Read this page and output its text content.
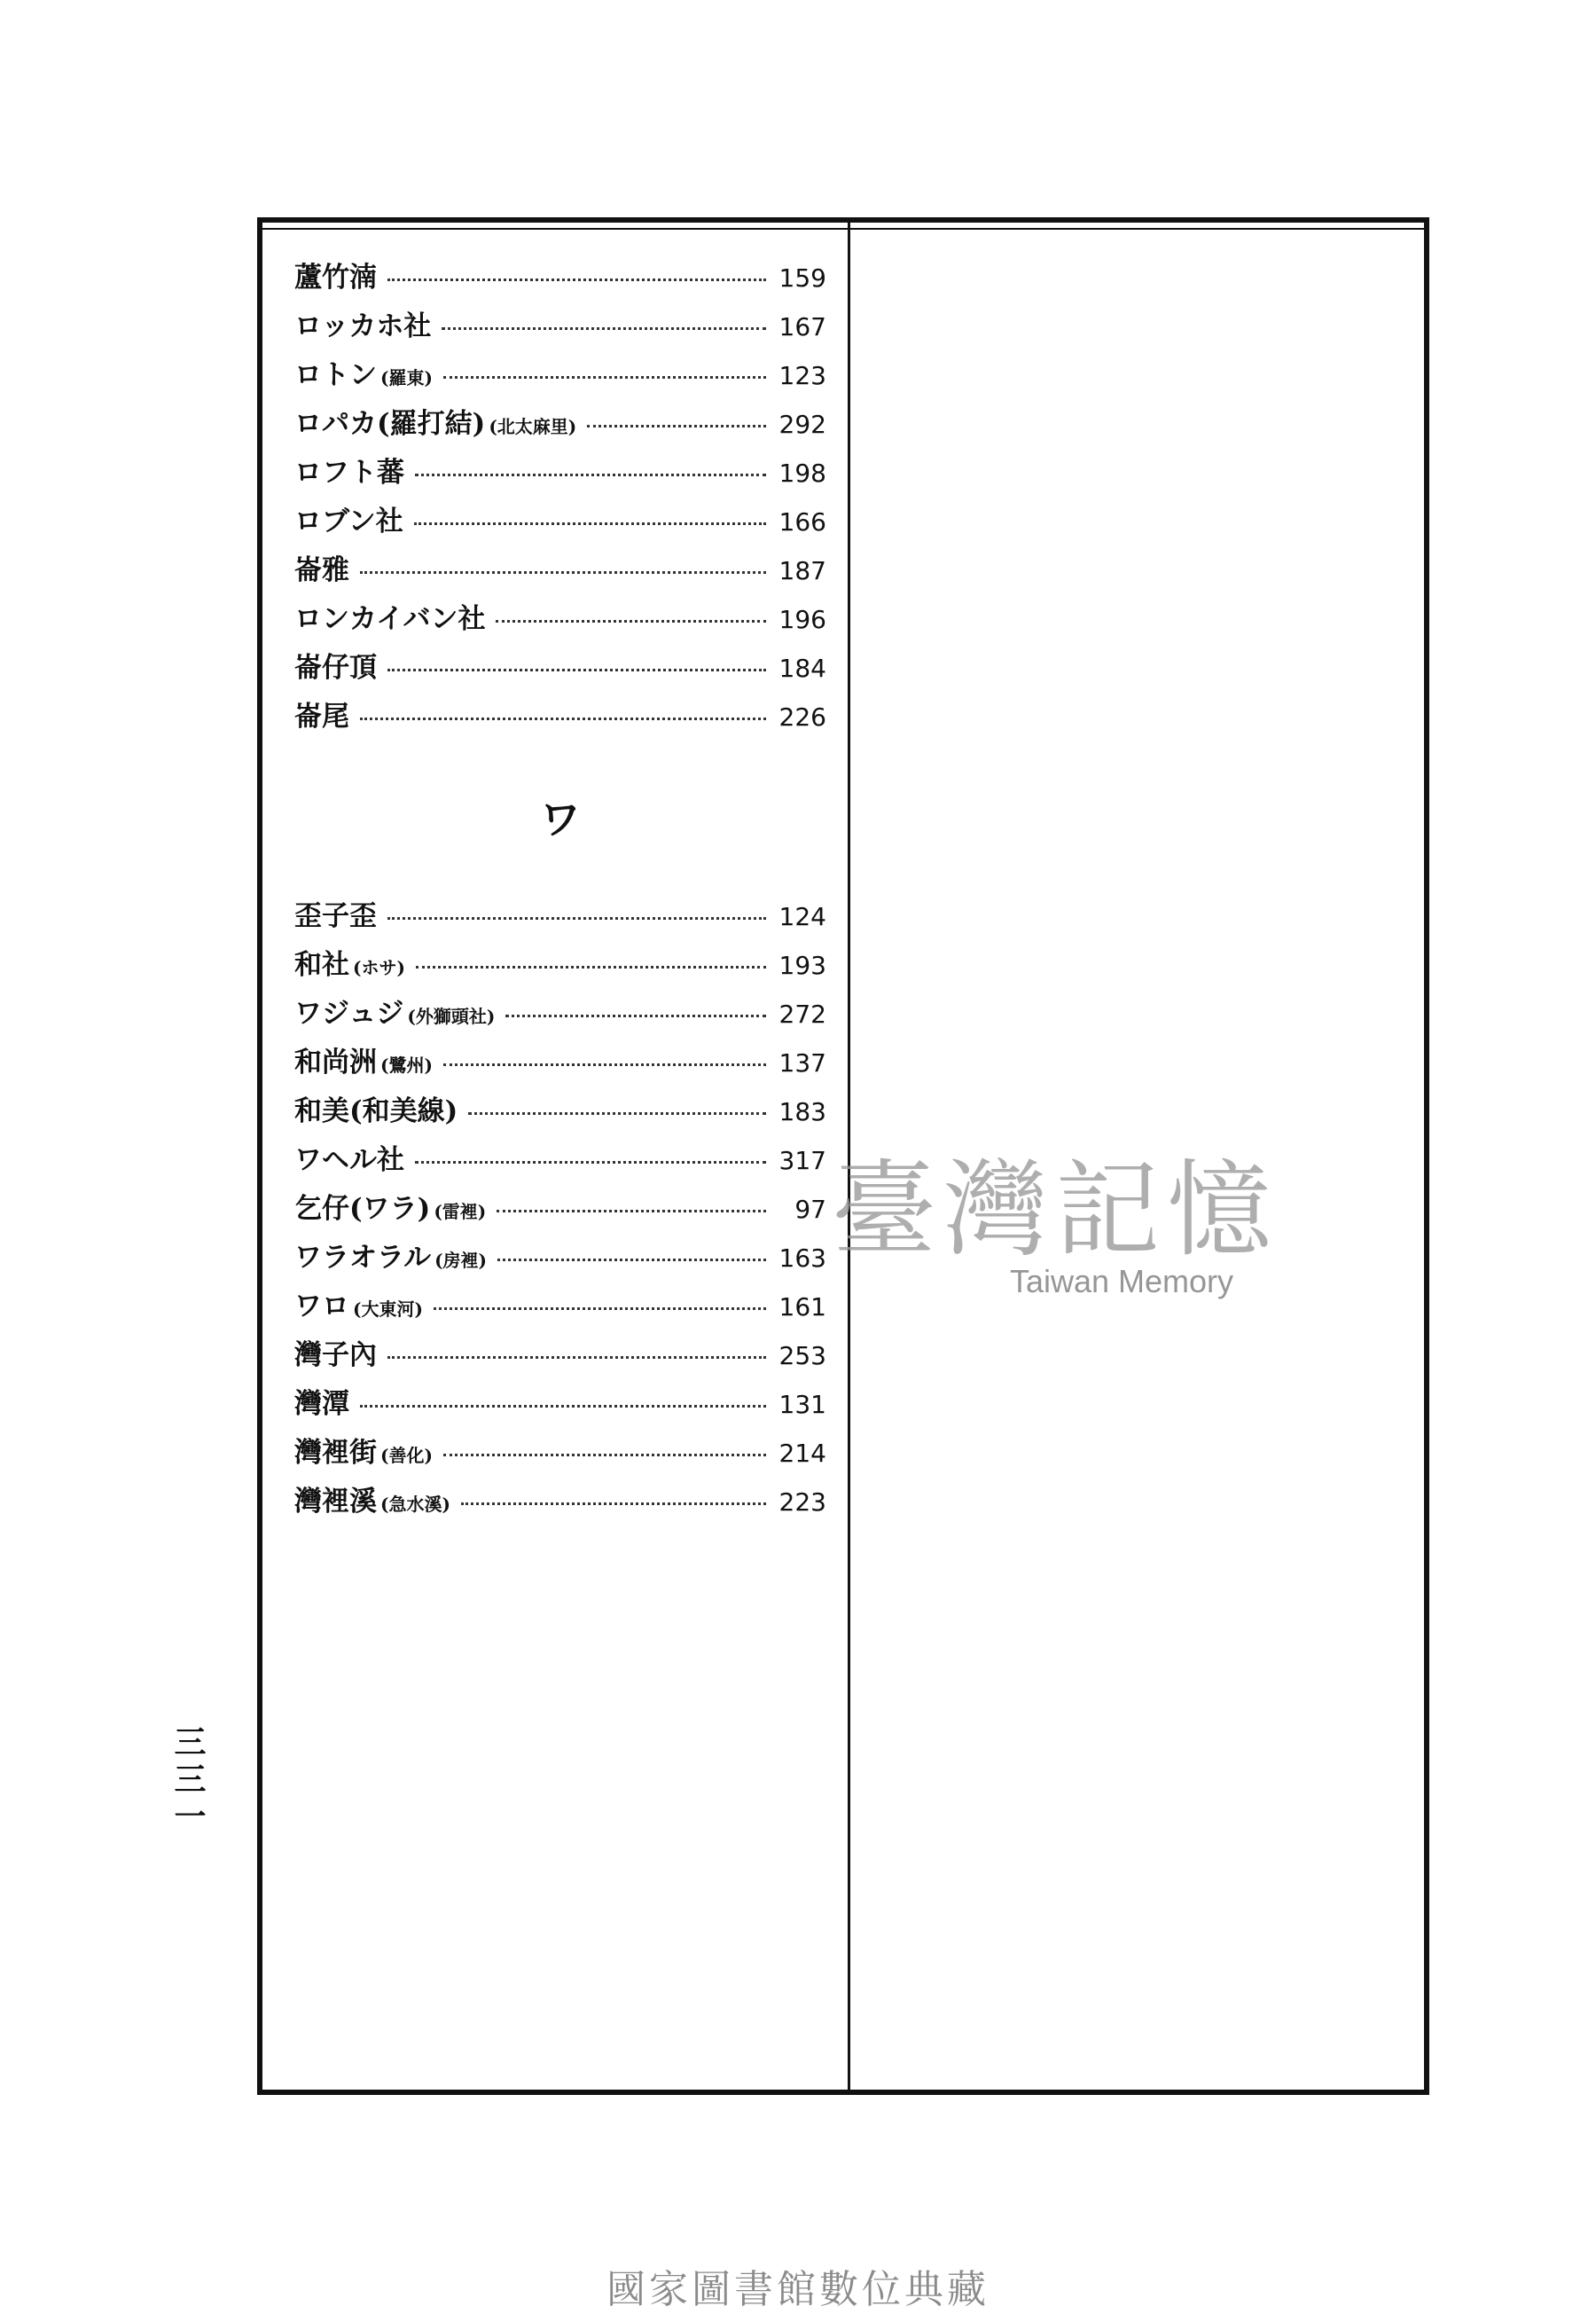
蘆竹湳	159
ロッカホ社	167
ロトン (羅東)	123
ロパカ(羅打結) (北太麻里)	292
ロフト蕃	198
ロブン社	166
崙雅	187
ロンカイバン社	196
崙仔頂	184
崙尾	226
ワ
歪子歪	124
和社 (ホサ)	193
ワジュジ (外獅頭社)	272
和尚洲 (鷺州)	137
和美(和美線)	183
ワヘル社	317
乞仔(ワラ) (雷裡)	97
ワラオラル (房裡)	163
ワロ (大東河)	161
灣子內	253
灣潭	131
灣裡街 (善化)	214
灣裡溪 (急水溪)	223
三三一
臺灣記憶
Taiwan Memory
國家圖書館數位典藏
